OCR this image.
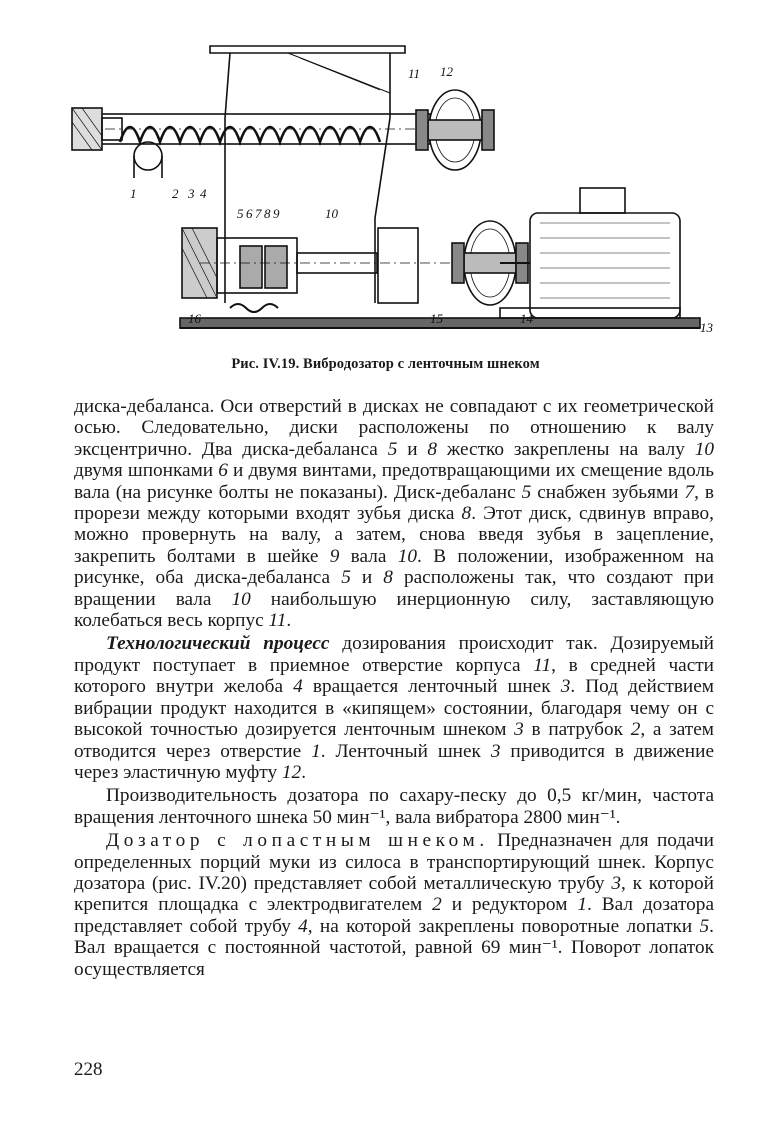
1	2 3 4
5 6 7 8 9	10
11 12
13
14
15
16
Рис. IV.19. Вибродозатор с ленточным шнеком

диска-дебаланса. Оси отверстий в дисках не совпадают с их геометрической осью. Следовательно, диски расположены по отношению к валу эксцентрично. Два диска-дебаланса 5 и 8 жестко закреплены на валу 10 двумя шпонками 6 и двумя винтами, предотвращающими их смещение вдоль вала (на рисунке болты не показаны). Диск-дебаланс 5 снабжен зубьями 7, в прорези между которыми входят зубья диска 8. Этот диск, сдвинув вправо, можно провернуть на валу, а затем, снова введя зубья в зацепление, закрепить болтами в шейке 9 вала 10. В положении, изображенном на рисунке, оба диска-дебаланса 5 и 8 расположены так, что создают при вращении вала 10 наибольшую инерционную силу, заставляющую колебаться весь корпус 11.

Технологический процесс дозирования происходит так. Дозируемый продукт поступает в приемное отверстие корпуса 11, в средней части которого внутри желоба 4 вращается ленточный шнек 3. Под действием вибрации продукт находится в «кипящем» состоянии, благодаря чему он с высокой точностью дозируется ленточным шнеком 3 в патрубок 2, а затем отводится через отверстие 1. Ленточный шнек 3 приводится в движение через эластичную муфту 12.

Производительность дозатора по сахару-песку до 0,5 кг/мин, частота вращения ленточного шнека 50 мин⁻¹, вала вибратора 2800 мин⁻¹.

Дозатор с лопастным шнеком. Предназначен для подачи определенных порций муки из силоса в транспортирующий шнек. Корпус дозатора (рис. IV.20) представляет собой металлическую трубу 3, к которой крепится площадка с электродвигателем 2 и редуктором 1. Вал дозатора представляет собой трубу 4, на которой закреплены поворотные лопатки 5. Вал вращается с постоянной частотой, равной 69 мин⁻¹. Поворот лопаток осуществляется

228
